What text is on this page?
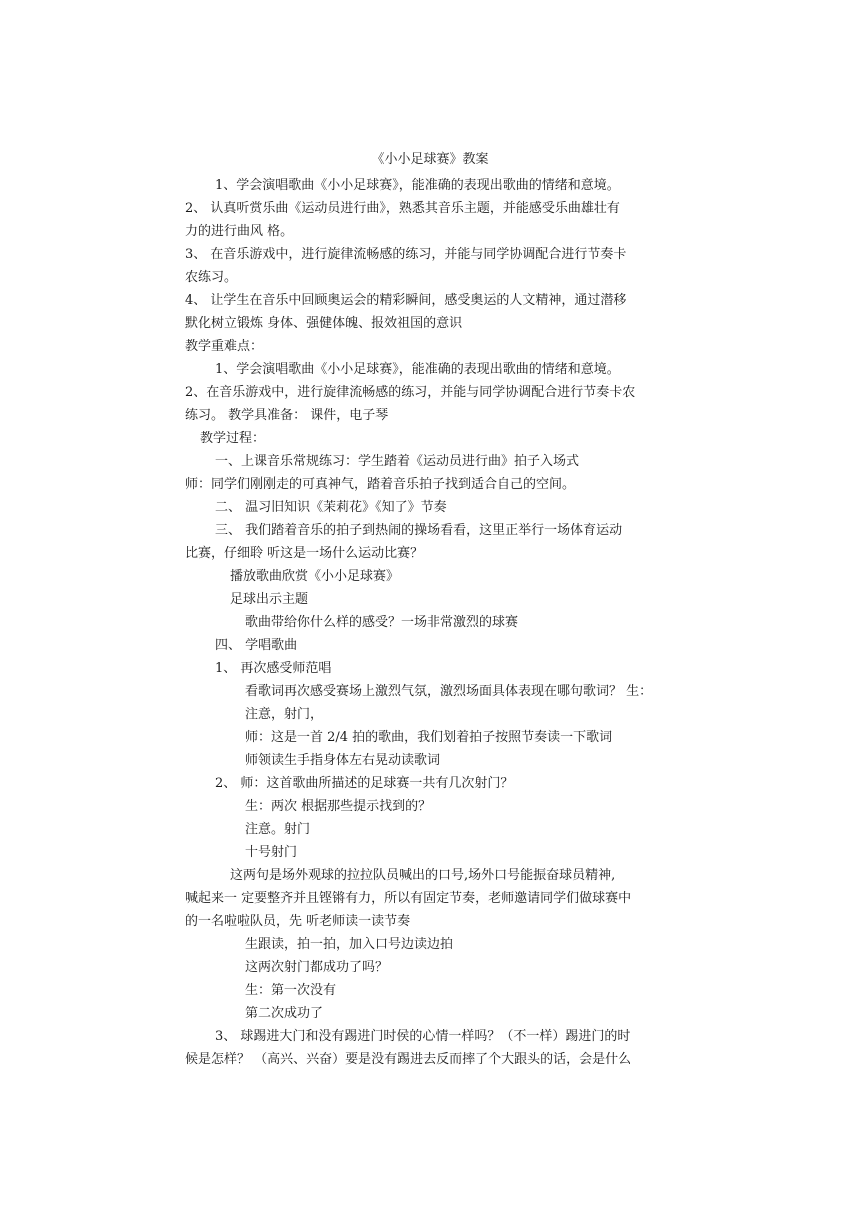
《小小足球赛》教案
1、学会演唱歌曲《小小足球赛》，能准确的表现出歌曲的情绪和意境。
2、 认真听赏乐曲《运动员进行曲》，熟悉其音乐主题，并能感受乐曲雄壮有
力的进行曲风 格。
3、 在音乐游戏中，进行旋律流畅感的练习，并能与同学协调配合进行节奏卡
农练习。
4、 让学生在音乐中回顾奥运会的精彩瞬间，感受奥运的人文精神，通过潜移
默化树立锻炼 身体、强健体魄、报效祖国的意识
教学重难点：
1、学会演唱歌曲《小小足球赛》，能准确的表现出歌曲的情绪和意境。
2、在音乐游戏中，进行旋律流畅感的练习，并能与同学协调配合进行节奏卡农
练习。 教学具准备： 课件，电子琴
教学过程：
一、上课音乐常规练习：学生踏着《运动员进行曲》拍子入场式
师：同学们刚刚走的可真神气，踏着音乐拍子找到适合自己的空间。
二、 温习旧知识《茉莉花》《知了》节奏
三、 我们踏着音乐的拍子到热闹的操场看看，这里正举行一场体育运动
比赛，仔细聆 听这是一场什么运动比赛？
播放歌曲欣赏《小小足球赛》
足球出示主题
歌曲带给你什么样的感受？一场非常激烈的球赛
四、 学唱歌曲
1、 再次感受师范唱
看歌词再次感受赛场上激烈气氛，激烈场面具体表现在哪句歌词？ 生：
注意，射门，
师：这是一首 2/4 拍的歌曲，我们划着拍子按照节奏读一下歌词
师领读生手指身体左右晃动读歌词
2、 师：这首歌曲所描述的足球赛一共有几次射门？
生：两次 根据那些提示找到的？
注意。射门
十号射门
这两句是场外观球的拉拉队员喊出的口号,场外口号能振奋球员精神,
喊起来一 定要整齐并且铿锵有力，所以有固定节奏，老师邀请同学们做球赛中
的一名啦啦队员，先 听老师读一读节奏
生跟读，拍一拍，加入口号边读边拍
这两次射门都成功了吗？
生：第一次没有
第二次成功了
3、 球踢进大门和没有踢进门时侯的心情一样吗？（不一样）踢进门的时
候是怎样？ （高兴、兴奋）要是没有踢进去反而摔了个大跟头的话，会是什么
